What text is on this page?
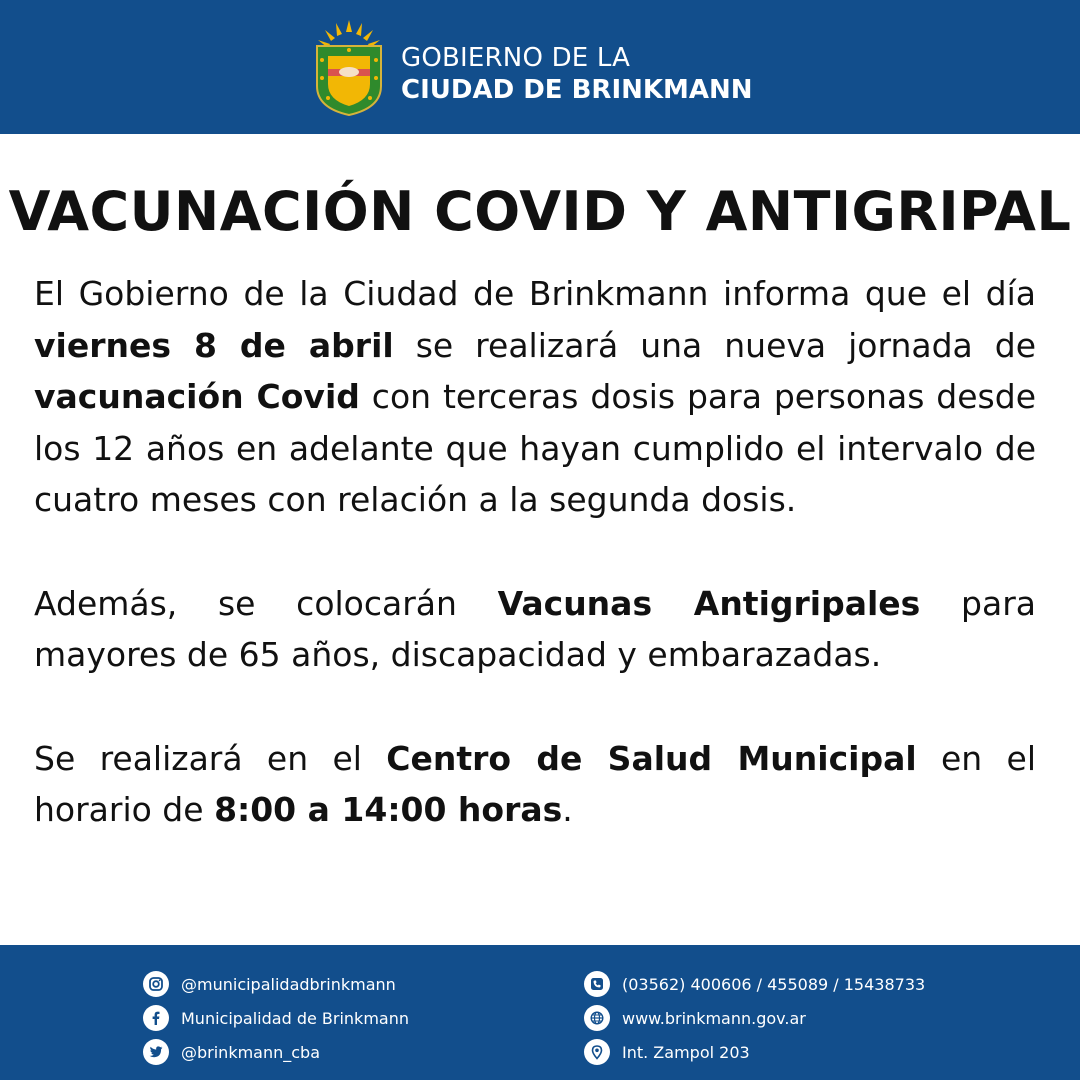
GOBIERNO DE LA
CIUDAD DE BRINKMANN
VACUNACIÓN COVID Y ANTIGRIPAL

El Gobierno de la Ciudad de Brinkmann informa que el día viernes 8 de abril se realizará una nueva jornada de vacunación Covid con terceras dosis para personas desde los 12 años en adelante que hayan cumplido el intervalo de cuatro meses con relación a la segunda dosis.

Además, se colocarán Vacunas Antigripales para mayores de 65 años, discapacidad y embarazadas.

Se realizará en el Centro de Salud Municipal en el horario de 8:00 a 14:00 horas.

@municipalidadbrinkmann
Municipalidad de Brinkmann
@brinkmann_cba
(03562) 400606 / 455089 / 15438733
www.brinkmann.gov.ar
Int. Zampol 203
